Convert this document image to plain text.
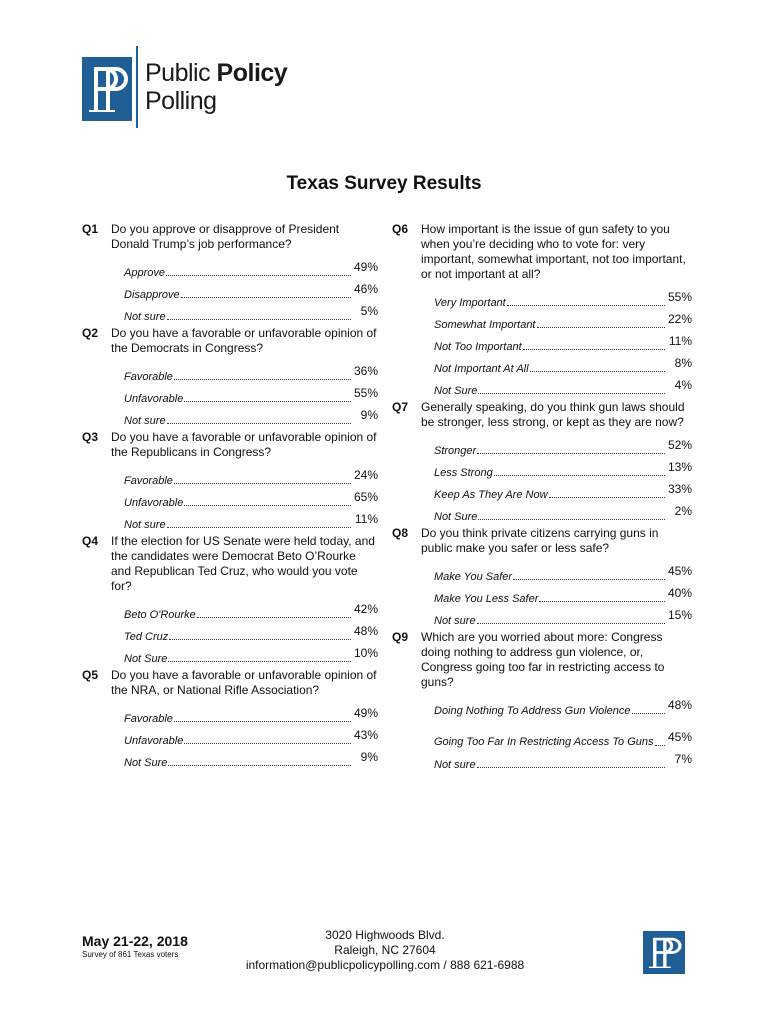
Public Policy
Polling
Texas Survey Results
Q1	Do you approve or disapprove of President Donald Trump’s job performance?
Approve	49%
Disapprove	46%
Not sure	5%
Q2	Do you have a favorable or unfavorable opinion of the Democrats in Congress?
Favorable	36%
Unfavorable	55%
Not sure	9%
Q3	Do you have a favorable or unfavorable opinion of the Republicans in Congress?
Favorable	24%
Unfavorable	65%
Not sure	11%
Q4	If the election for US Senate were held today, and the candidates were Democrat Beto O’Rourke and Republican Ted Cruz, who would you vote for?
Beto O'Rourke	42%
Ted Cruz	48%
Not Sure	10%
Q5	Do you have a favorable or unfavorable opinion of the NRA, or National Rifle Association?
Favorable	49%
Unfavorable	43%
Not Sure	9%
Q6	How important is the issue of gun safety to you when you’re deciding who to vote for: very important, somewhat important, not too important, or not important at all?
Very Important	55%
Somewhat Important	22%
Not Too Important	11%
Not Important At All	8%
Not Sure	4%
Q7	Generally speaking, do you think gun laws should be stronger, less strong, or kept as they are now?
Stronger	52%
Less Strong	13%
Keep As They Are Now	33%
Not Sure	2%
Q8	Do you think private citizens carrying guns in public make you safer or less safe?
Make You Safer	45%
Make You Less Safer	40%
Not sure	15%
Q9	Which are you worried about more: Congress doing nothing to address gun violence, or, Congress going too far in restricting access to guns?
Doing Nothing To Address Gun Violence	48%
Going Too Far In Restricting Access To Guns 45%
Not sure	7%
May 21-22, 2018
Survey of 861 Texas voters
3020 Highwoods Blvd.
Raleigh, NC 27604
information@publicpolicypolling.com / 888 621-6988
